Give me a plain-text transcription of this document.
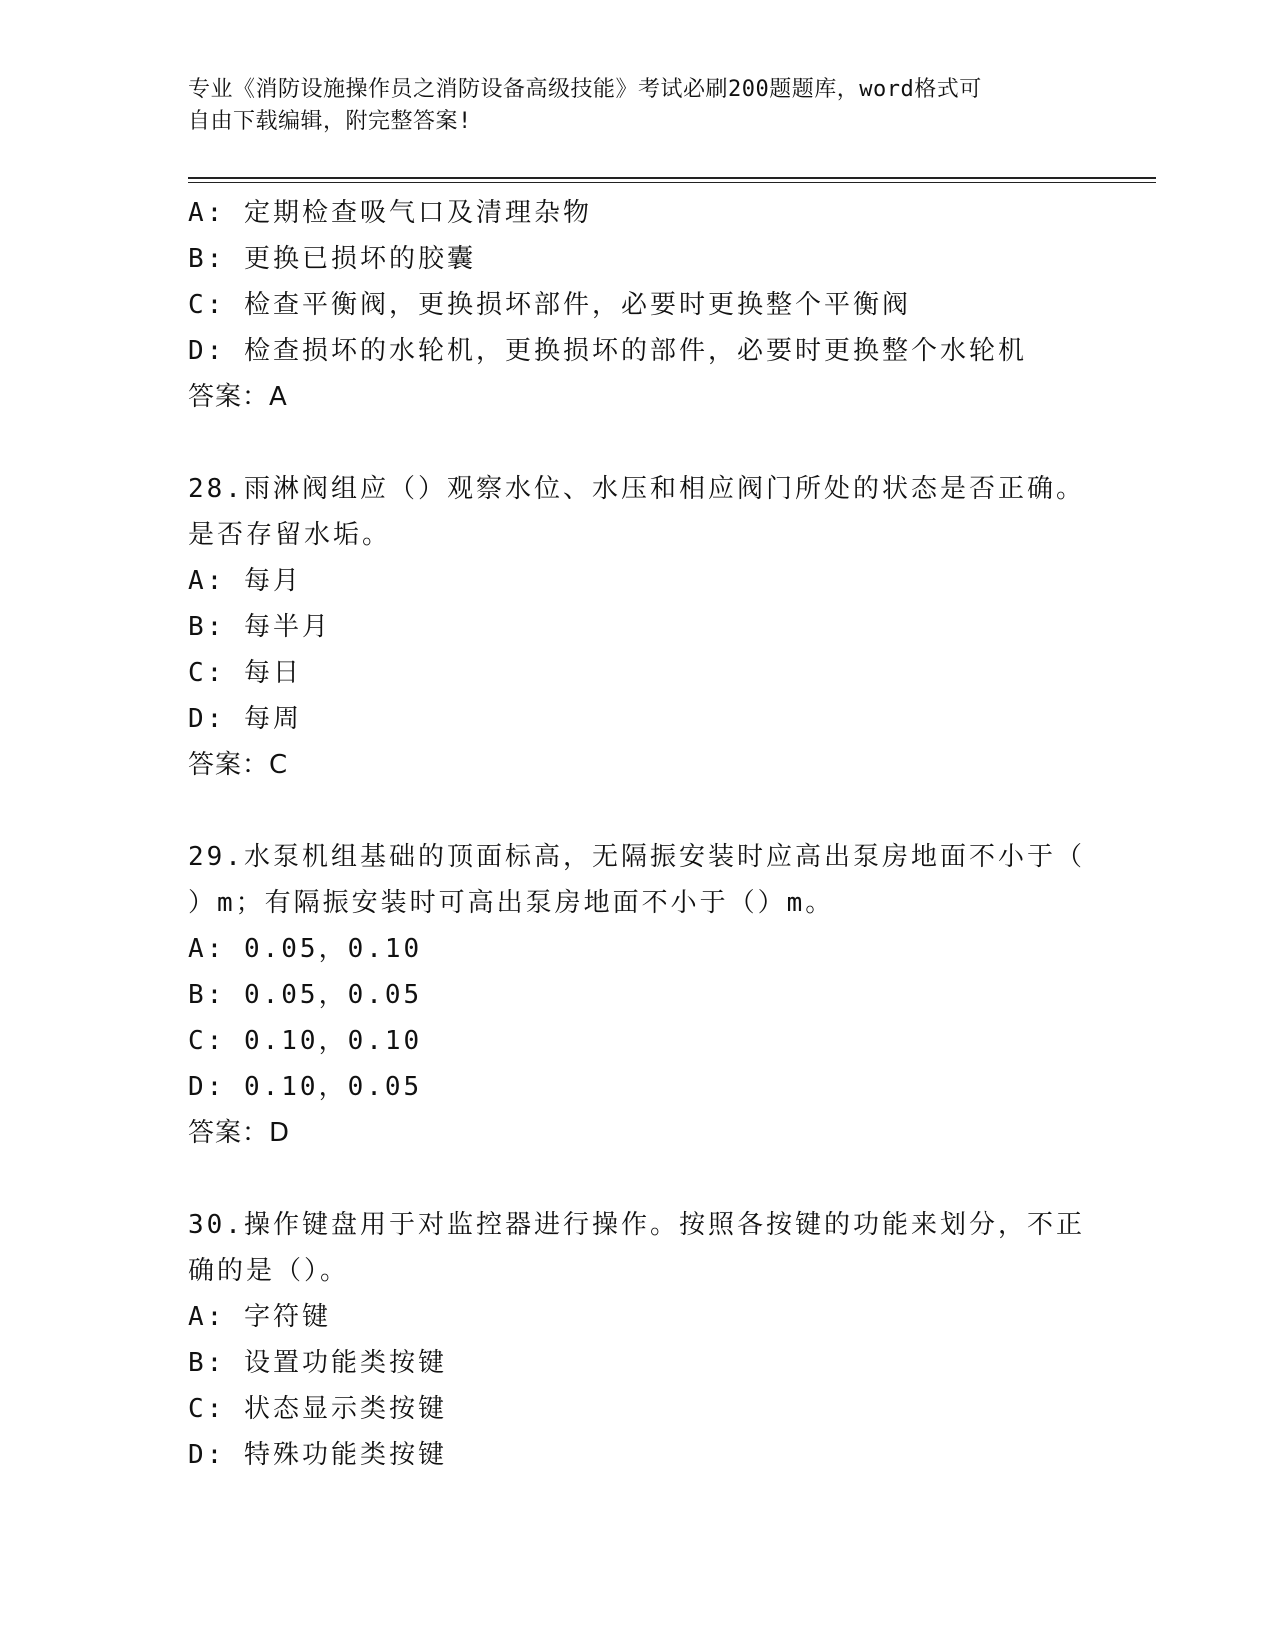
专业《消防设施操作员之消防设备高级技能》考试必刷200题题库，word格式可
自由下载编辑，附完整答案!
A: 定期检查吸气口及清理杂物
B: 更换已损坏的胶囊
C: 检查平衡阀，更换损坏部件，必要时更换整个平衡阀
D: 检查损坏的水轮机，更换损坏的部件，必要时更换整个水轮机
答案：A
28.雨淋阀组应（）观察水位、水压和相应阀门所处的状态是否正确。
是否存留水垢。
A: 每月
B: 每半月
C: 每日
D: 每周
答案：C
29.水泵机组基础的顶面标高，无隔振安装时应高出泵房地面不小于（
）m；有隔振安装时可高出泵房地面不小于（）m。
A: 0.05，0.10
B: 0.05，0.05
C: 0.10，0.10
D: 0.10，0.05
答案：D
30.操作键盘用于对监控器进行操作。按照各按键的功能来划分，不正
确的是（）。
A: 字符键
B: 设置功能类按键
C: 状态显示类按键
D: 特殊功能类按键
